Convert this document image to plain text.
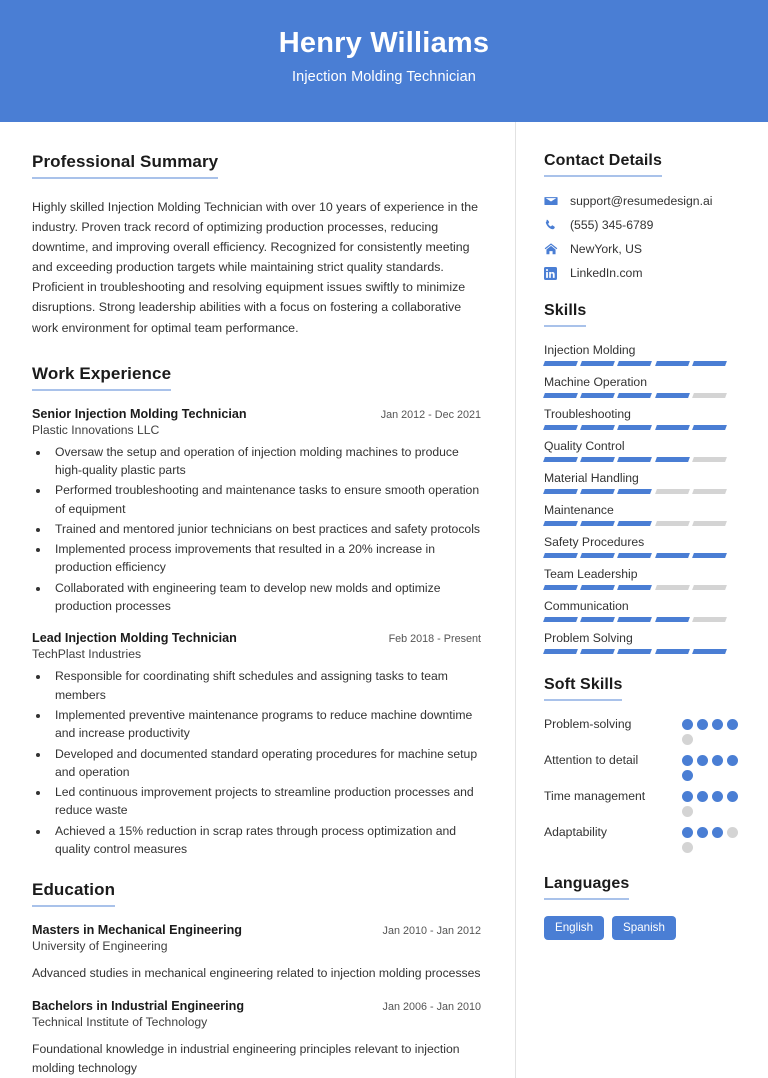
Henry Williams
Injection Molding Technician
Professional Summary
Highly skilled Injection Molding Technician with over 10 years of experience in the industry. Proven track record of optimizing production processes, reducing downtime, and improving overall efficiency. Recognized for consistently meeting and exceeding production targets while maintaining strict quality standards. Proficient in troubleshooting and resolving equipment issues swiftly to minimize disruptions. Strong leadership abilities with a focus on fostering a collaborative work environment for optimal team performance.
Work Experience
Senior Injection Molding Technician	Jan 2012 - Dec 2021
Plastic Innovations LLC
• Oversaw the setup and operation of injection molding machines to produce high-quality plastic parts
• Performed troubleshooting and maintenance tasks to ensure smooth operation of equipment
• Trained and mentored junior technicians on best practices and safety protocols
• Implemented process improvements that resulted in a 20% increase in production efficiency
• Collaborated with engineering team to develop new molds and optimize production processes
Lead Injection Molding Technician	Feb 2018 - Present
TechPlast Industries
• Responsible for coordinating shift schedules and assigning tasks to team members
• Implemented preventive maintenance programs to reduce machine downtime and increase productivity
• Developed and documented standard operating procedures for machine setup and operation
• Led continuous improvement projects to streamline production processes and reduce waste
• Achieved a 15% reduction in scrap rates through process optimization and quality control measures
Education
Masters in Mechanical Engineering	Jan 2010 - Jan 2012
University of Engineering
Advanced studies in mechanical engineering related to injection molding processes
Bachelors in Industrial Engineering	Jan 2006 - Jan 2010
Technical Institute of Technology
Foundational knowledge in industrial engineering principles relevant to injection molding technology
Contact Details
support@resumedesign.ai
(555) 345-6789
NewYork, US
LinkedIn.com
Skills
Injection Molding
Machine Operation
Troubleshooting
Quality Control
Material Handling
Maintenance
Safety Procedures
Team Leadership
Communication
Problem Solving
Soft Skills
Problem-solving
Attention to detail
Time management
Adaptability
Languages
English	Spanish
